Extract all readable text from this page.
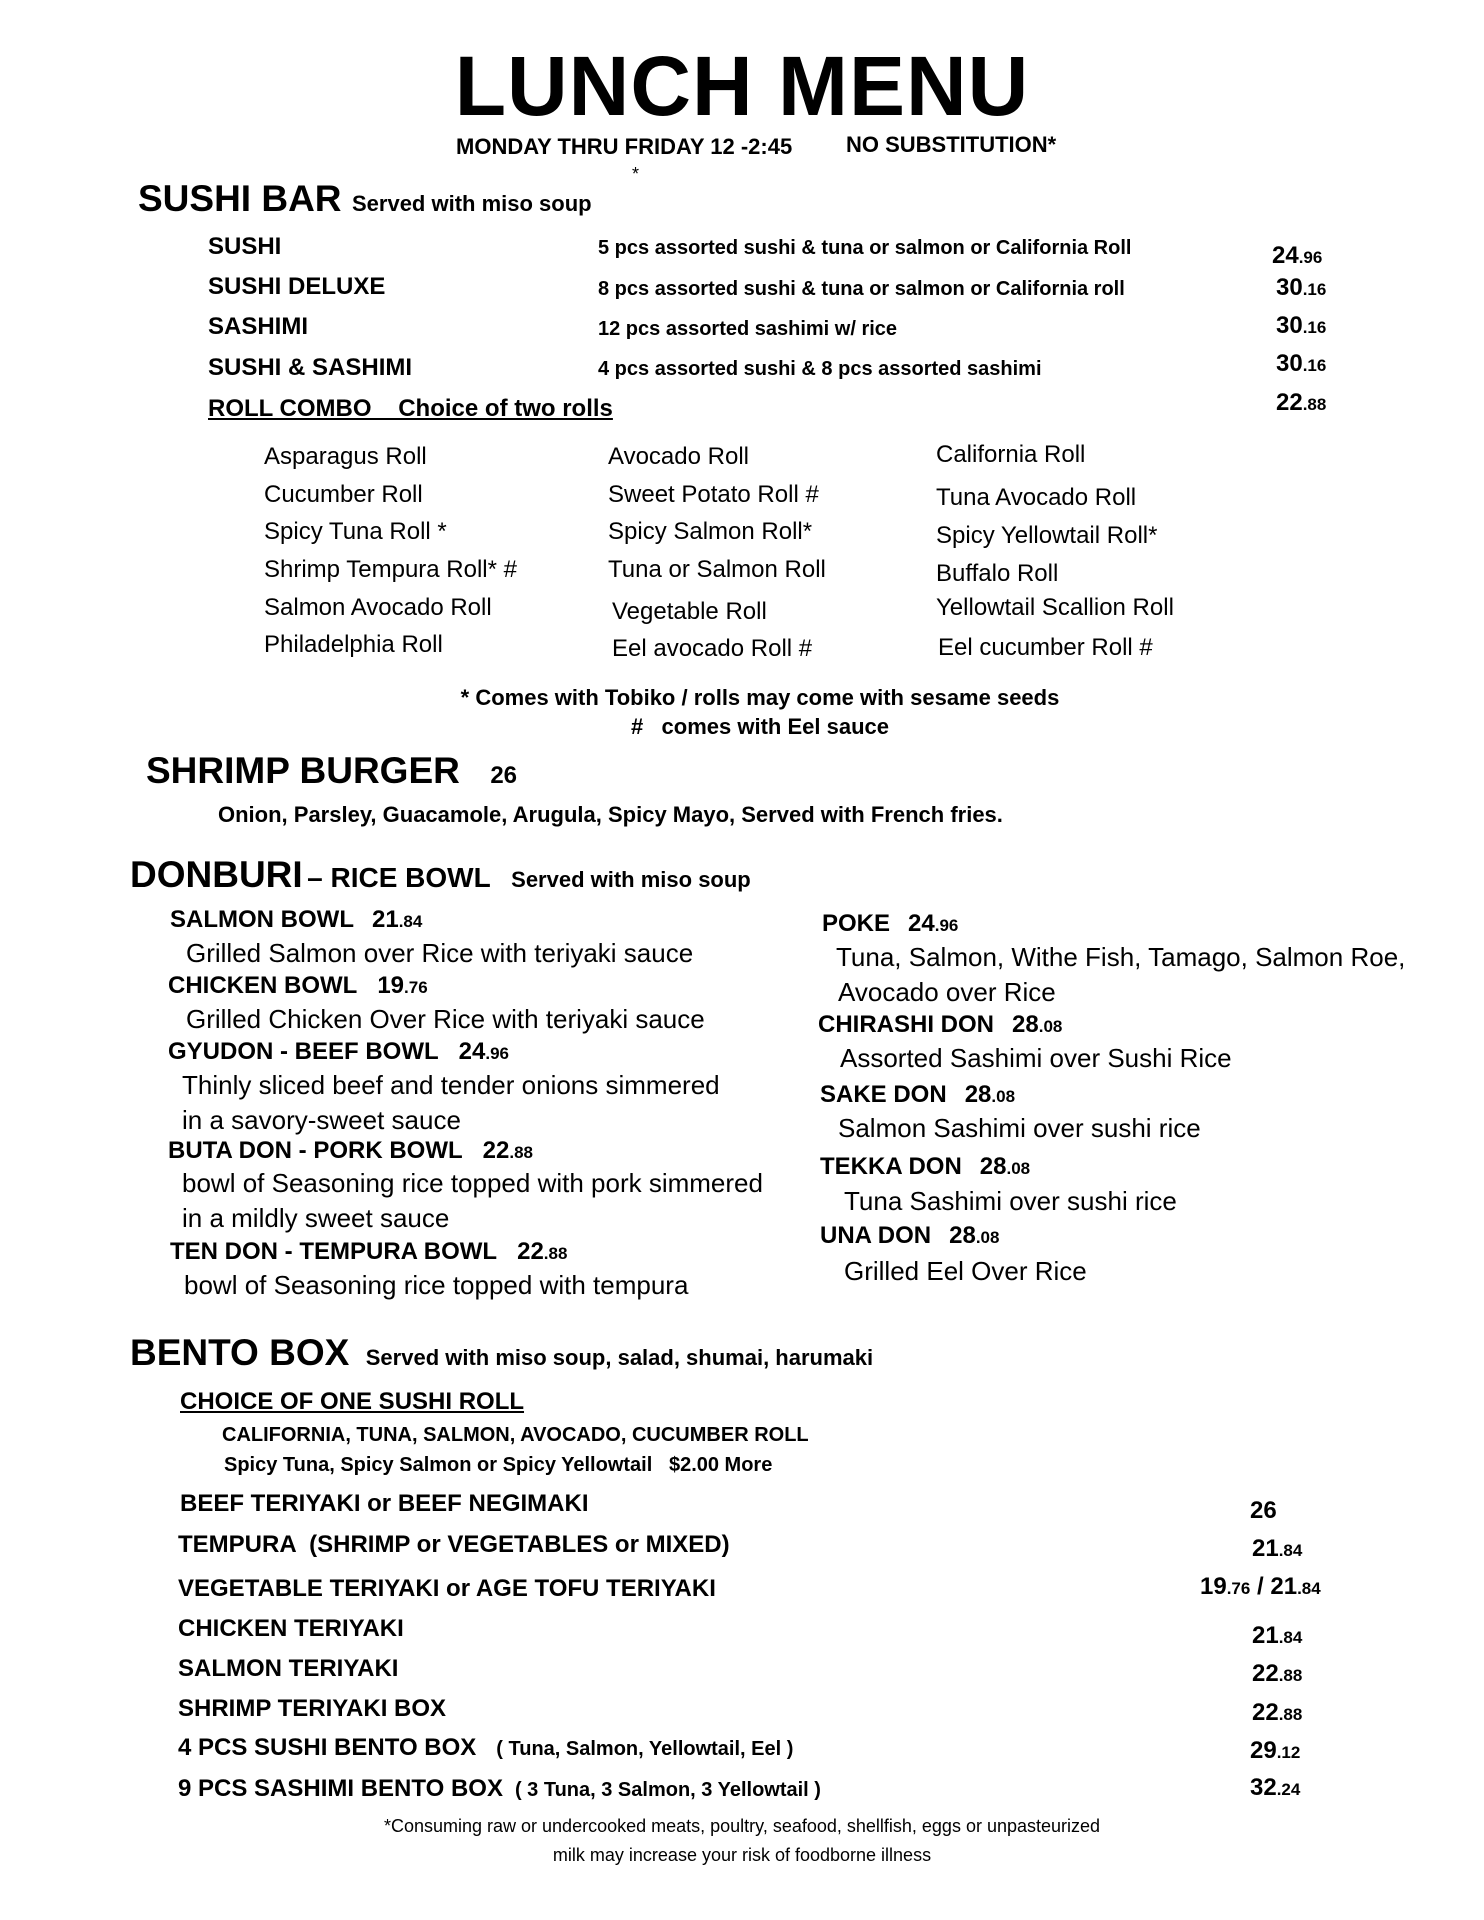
LUNCH MENU
MONDAY THRU FRIDAY 12 -2:45 NO SUBSTITUTION*
*
SUSHI BAR Served with miso soup
SUSHI	5 pcs assorted sushi & tuna or salmon or California Roll	24.96
SUSHI DELUXE	8 pcs assorted sushi & tuna or salmon or California roll	30.16
SASHIMI	12 pcs assorted sashimi w/ rice	30.16
SUSHI & SASHIMI	4 pcs assorted sushi & 8 pcs assorted sashimi	30.16
ROLL COMBO    Choice of two rolls	22.88
Asparagus Roll	Avocado Roll	California Roll
Cucumber Roll	Sweet Potato Roll #	Tuna Avocado Roll
Spicy Tuna Roll *	Spicy Salmon Roll*	Spicy Yellowtail Roll*
Shrimp Tempura Roll* #	Tuna or Salmon Roll	Buffalo Roll
Salmon Avocado Roll	Vegetable Roll	Yellowtail Scallion Roll
Philadelphia Roll	Eel avocado Roll #	Eel cucumber Roll #
* Comes with Tobiko / rolls may come with sesame seeds
#   comes with Eel sauce
SHRIMP BURGER 26
Onion, Parsley, Guacamole, Arugula, Spicy Mayo, Served with French fries.
DONBURI – RICE BOWL Served with miso soup
SALMON BOWL 21.84
Grilled Salmon over Rice with teriyaki sauce
CHICKEN BOWL 19.76
Grilled Chicken Over Rice with teriyaki sauce
GYUDON - BEEF BOWL 24.96
Thinly sliced beef and tender onions simmered
in a savory-sweet sauce
BUTA DON - PORK BOWL 22.88
bowl of Seasoning rice topped with pork simmered
in a mildly sweet sauce
TEN DON - TEMPURA BOWL 22.88
bowl of Seasoning rice topped with tempura
POKE 24.96
Tuna, Salmon, Withe Fish, Tamago, Salmon Roe,
Avocado over Rice
CHIRASHI DON 28.08
Assorted Sashimi over Sushi Rice
SAKE DON 28.08
Salmon Sashimi over sushi rice
TEKKA DON 28.08
Tuna Sashimi over sushi rice
UNA DON 28.08
Grilled Eel Over Rice
BENTO BOX Served with miso soup, salad, shumai, harumaki
CHOICE OF ONE SUSHI ROLL
CALIFORNIA, TUNA, SALMON, AVOCADO, CUCUMBER ROLL
Spicy Tuna, Spicy Salmon or Spicy Yellowtail   $2.00 More
BEEF TERIYAKI or BEEF NEGIMAKI	26
TEMPURA  (SHRIMP or VEGETABLES or MIXED)	21.84
VEGETABLE TERIYAKI or AGE TOFU TERIYAKI	19.76 / 21.84
CHICKEN TERIYAKI	21.84
SALMON TERIYAKI	22.88
SHRIMP TERIYAKI BOX	22.88
4 PCS SUSHI BENTO BOX ( Tuna, Salmon, Yellowtail, Eel )	29.12
9 PCS SASHIMI BENTO BOX ( 3 Tuna, 3 Salmon, 3 Yellowtail )	32.24
*Consuming raw or undercooked meats, poultry, seafood, shellfish, eggs or unpasteurized
milk may increase your risk of foodborne illness
